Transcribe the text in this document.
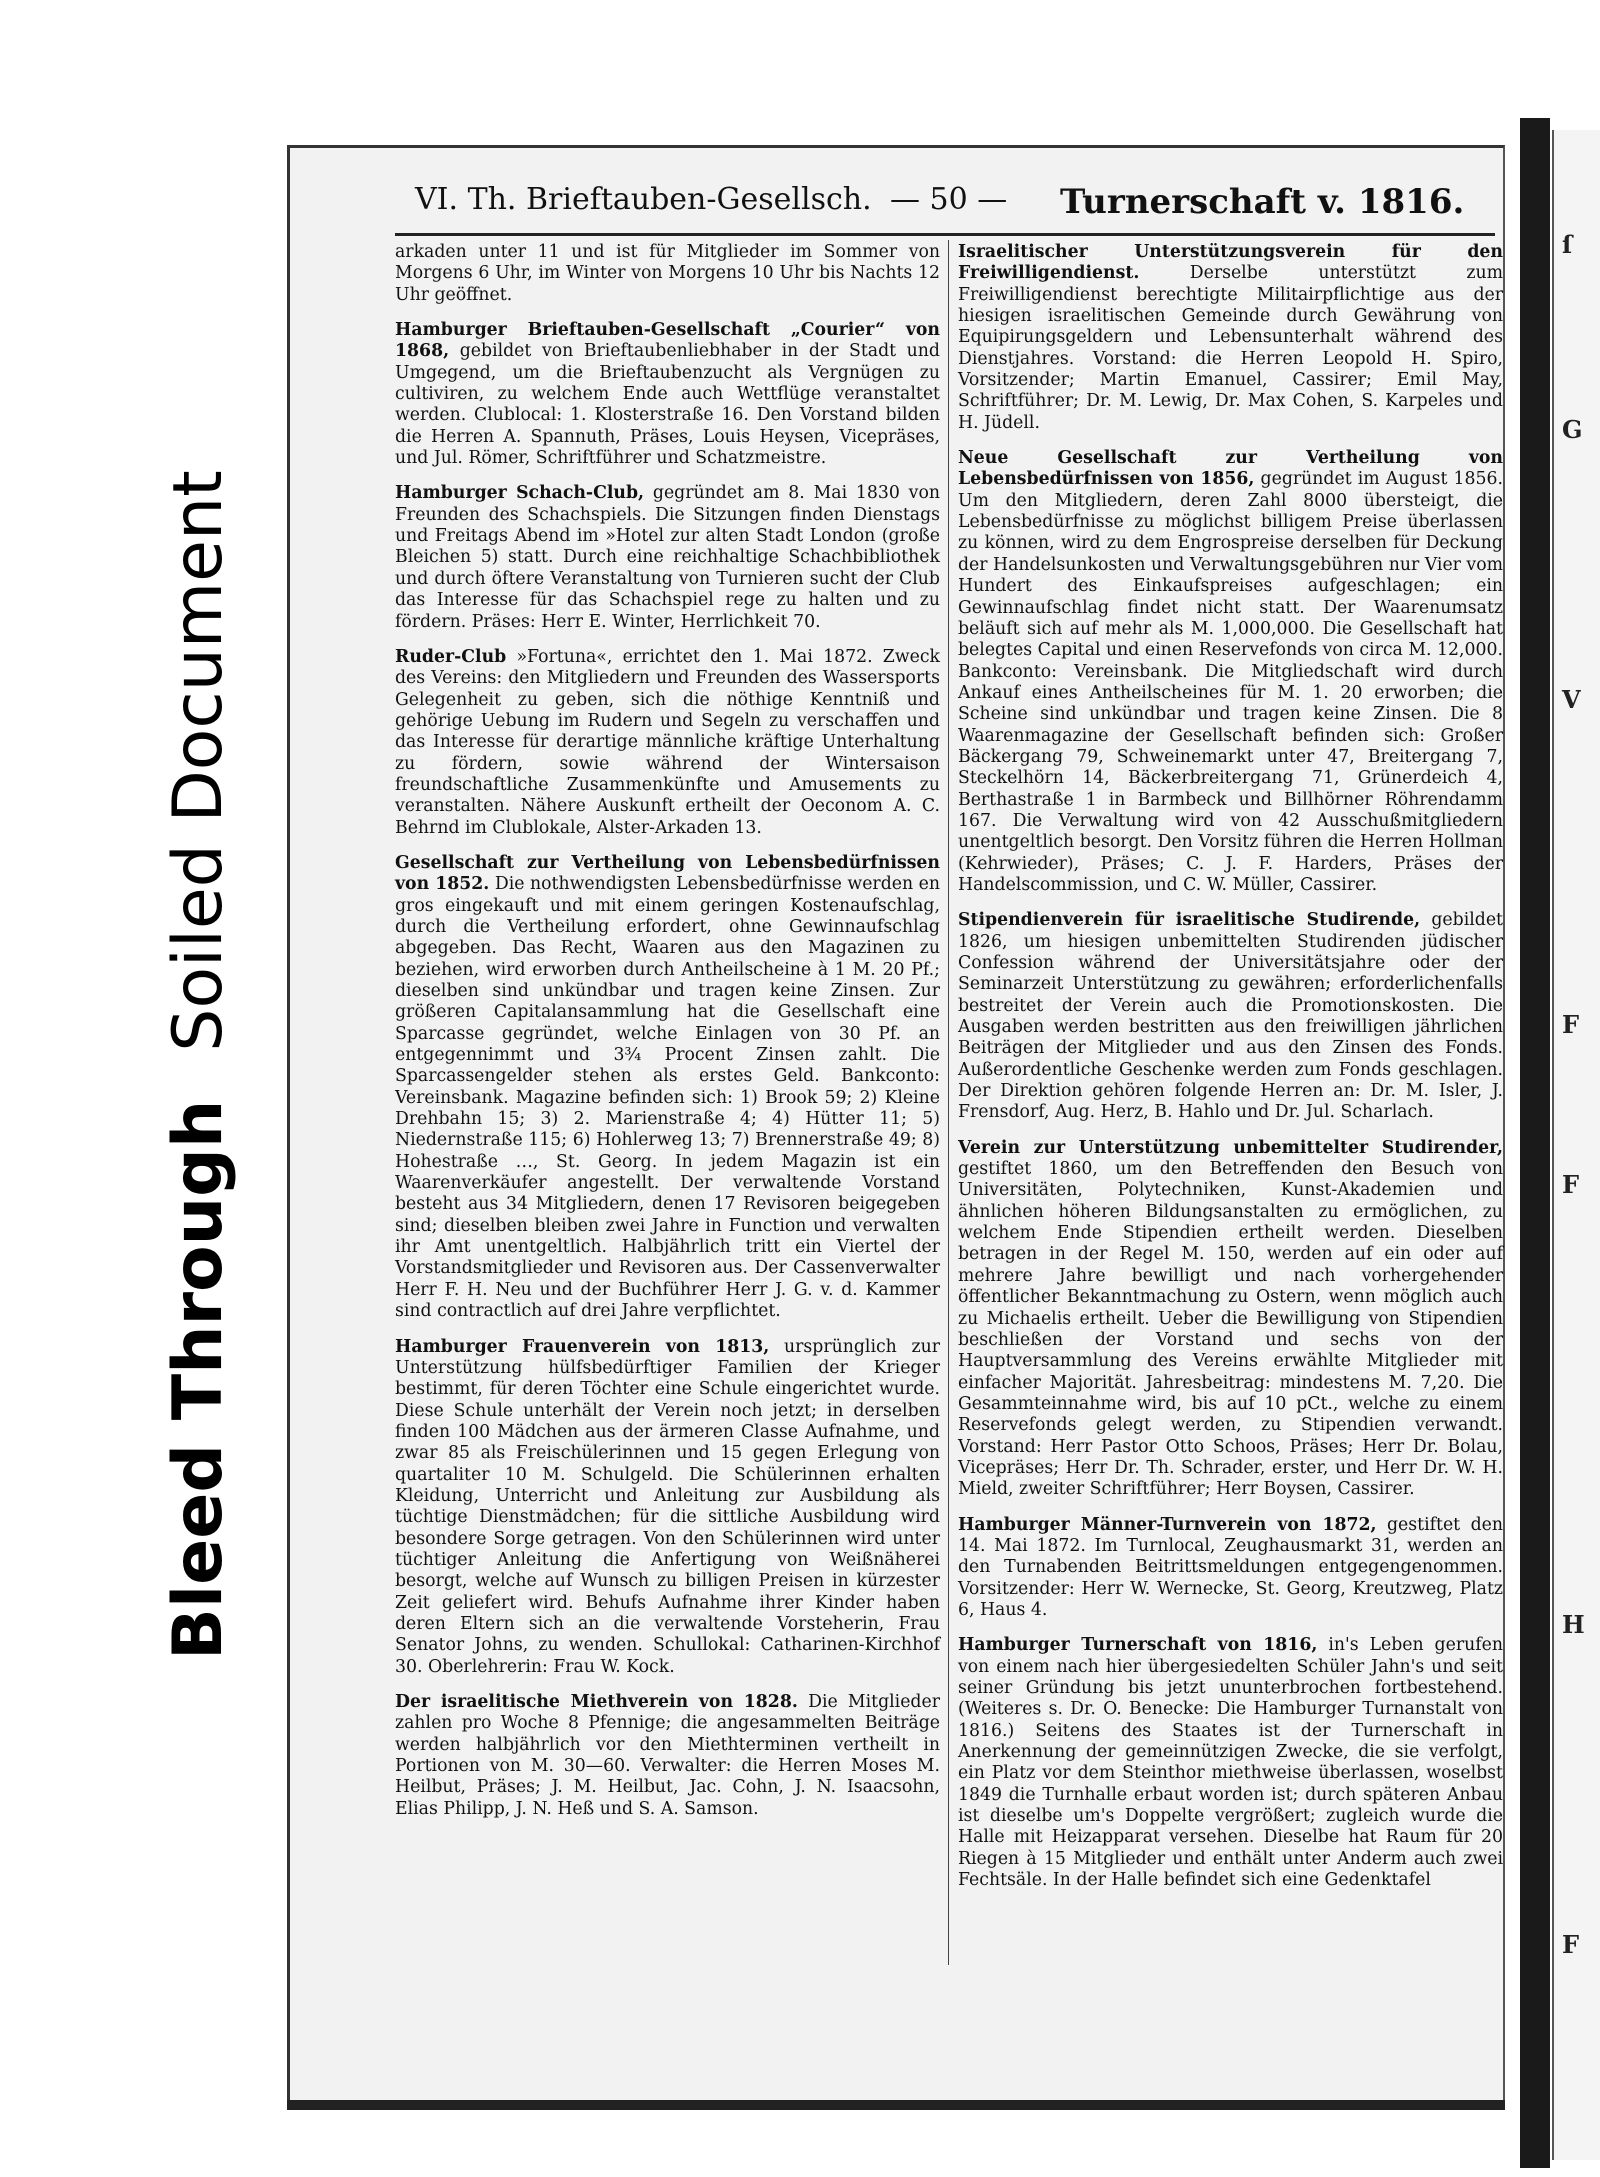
Bleed ThroughSoiled Document
ſ
G
V
F
F
H
F
VI. Th. Brieftauben-Gesellsch. — 50 — Turnerschaft v. 1816.

arkaden unter 11 und ist für Mitglieder im Sommer von Morgens 6 Uhr, im Winter von Morgens 10 Uhr bis Nachts 12 Uhr geöffnet.

Hamburger Brieftauben-Gesellschaft „Courier“ von 1868, gebildet von Brieftaubenliebhaber in der Stadt und Umgegend, um die Brieftaubenzucht als Vergnügen zu cultiviren, zu welchem Ende auch Wettflüge veranstaltet werden. Clublocal: 1. Klosterstraße 16. Den Vorstand bilden die Herren A. Spannuth, Präses, Louis Heysen, Vicepräses, und Jul. Römer, Schriftführer und Schatzmeistre.

Hamburger Schach-Club, gegründet am 8. Mai 1830 von Freunden des Schachspiels. Die Sitzungen finden Dienstags und Freitags Abend im »Hotel zur alten Stadt London (große Bleichen 5) statt. Durch eine reichhaltige Schachbibliothek und durch öftere Veranstaltung von Turnieren sucht der Club das Interesse für das Schachspiel rege zu halten und zu fördern. Präses: Herr E. Winter, Herrlichkeit 70.

Ruder-Club »Fortuna«, errichtet den 1. Mai 1872. Zweck des Vereins: den Mitgliedern und Freunden des Wassersports Gelegenheit zu geben, sich die nöthige Kenntniß und gehörige Uebung im Rudern und Segeln zu verschaffen und das Interesse für derartige männliche kräftige Unterhaltung zu fördern, sowie während der Wintersaison freundschaftliche Zusammenkünfte und Amusements zu veranstalten. Nähere Auskunft ertheilt der Oeconom A. C. Behrnd im Clublokale, Alster-Arkaden 13.

Gesellschaft zur Vertheilung von Lebensbedürfnissen von 1852. Die nothwendigsten Lebensbedürfnisse werden en gros eingekauft und mit einem geringen Kostenaufschlag, durch die Vertheilung erfordert, ohne Gewinnaufschlag abgegeben. Das Recht, Waaren aus den Magazinen zu beziehen, wird erworben durch Antheilscheine à 1 M. 20 Pf.; dieselben sind unkündbar und tragen keine Zinsen. Zur größeren Capitalansammlung hat die Gesellschaft eine Sparcasse gegründet, welche Einlagen von 30 Pf. an entgegennimmt und 3¾ Procent Zinsen zahlt. Die Sparcassengelder stehen als erstes Geld. Bankconto: Vereinsbank. Magazine befinden sich: 1) Brook 59; 2) Kleine Drehbahn 15; 3) 2. Marienstraße 4; 4) Hütter 11; 5) Niedernstraße 115; 6) Hohlerweg 13; 7) Brennerstraße 49; 8) Hohestraße …, St. Georg. In jedem Magazin ist ein Waarenverkäufer angestellt. Der verwaltende Vorstand besteht aus 34 Mitgliedern, denen 17 Revisoren beigegeben sind; dieselben bleiben zwei Jahre in Function und verwalten ihr Amt unentgeltlich. Halbjährlich tritt ein Viertel der Vorstandsmitglieder und Revisoren aus. Der Cassenverwalter Herr F. H. Neu und der Buchführer Herr J. G. v. d. Kammer sind contractlich auf drei Jahre verpflichtet.

Hamburger Frauenverein von 1813, ursprünglich zur Unterstützung hülfsbedürftiger Familien der Krieger bestimmt, für deren Töchter eine Schule eingerichtet wurde. Diese Schule unterhält der Verein noch jetzt; in derselben finden 100 Mädchen aus der ärmeren Classe Aufnahme, und zwar 85 als Freischülerinnen und 15 gegen Erlegung von quartaliter 10 M. Schulgeld. Die Schülerinnen erhalten Kleidung, Unterricht und Anleitung zur Ausbildung als tüchtige Dienstmädchen; für die sittliche Ausbildung wird besondere Sorge getragen. Von den Schülerinnen wird unter tüchtiger Anleitung die Anfertigung von Weißnäherei besorgt, welche auf Wunsch zu billigen Preisen in kürzester Zeit geliefert wird. Behufs Aufnahme ihrer Kinder haben deren Eltern sich an die verwaltende Vorsteherin, Frau Senator Johns, zu wenden. Schullokal: Catharinen-Kirchhof 30. Oberlehrerin: Frau W. Kock.

Der israelitische Miethverein von 1828. Die Mitglieder zahlen pro Woche 8 Pfennige; die angesammelten Beiträge werden halbjährlich vor den Miethterminen vertheilt in Portionen von M. 30—60. Verwalter: die Herren Moses M. Heilbut, Präses; J. M. Heilbut, Jac. Cohn, J. N. Isaacsohn, Elias Philipp, J. N. Heß und S. A. Samson.

Israelitischer Unterstützungsverein für den Freiwilligendienst.	Derselbe unterstützt zum Freiwilligendienst berechtigte Militairpflichtige aus der hiesigen israelitischen Gemeinde durch Gewährung von Equipirungsgeldern und Lebensunterhalt während des Dienstjahres. Vorstand: die Herren Leopold H. Spiro, Vorsitzender; Martin Emanuel, Cassirer; Emil May, Schriftführer; Dr. M. Lewig, Dr. Max Cohen, S. Karpeles und H. Jüdell.

Neue Gesellschaft zur Vertheilung von Lebensbedürfnissen von 1856, gegründet im August 1856. Um den Mitgliedern, deren Zahl 8000 übersteigt, die Lebensbedürfnisse zu möglichst billigem Preise überlassen zu können, wird zu dem Engrospreise derselben für Deckung der Handelsunkosten und Verwaltungsgebühren nur Vier vom Hundert des Einkaufspreises aufgeschlagen; ein Gewinnaufschlag findet nicht statt. Der Waarenumsatz beläuft sich auf mehr als M. 1,000,000. Die Gesellschaft hat belegtes Capital und einen Reservefonds von circa M. 12,000. Bankconto: Vereinsbank. Die Mitgliedschaft wird durch Ankauf eines Antheilscheines für M. 1. 20 erworben; die Scheine sind unkündbar und tragen keine Zinsen. Die 8 Waarenmagazine der Gesellschaft befinden sich: Großer Bäckergang 79, Schweinemarkt unter 47, Breitergang 7, Steckelhörn 14, Bäckerbreitergang 71, Grünerdeich 4, Berthastraße 1 in Barmbeck und Billhörner Röhrendamm 167. Die Verwaltung wird von 42 Ausschußmitgliedern unentgeltlich besorgt. Den Vorsitz führen die Herren Hollman (Kehrwieder), Präses; C. J. F. Harders, Präses der Handelscommission, und C. W. Müller, Cassirer.

Stipendienverein für israelitische Studirende, gebildet 1826, um hiesigen unbemittelten Studirenden jüdischer Confession während der Universitätsjahre oder der Seminarzeit Unterstützung zu gewähren; erforderlichenfalls bestreitet der Verein auch die Promotionskosten. Die Ausgaben werden bestritten aus den freiwilligen jährlichen Beiträgen der Mitglieder und aus den Zinsen des Fonds. Außerordentliche Geschenke werden zum Fonds geschlagen. Der Direktion gehören folgende Herren an: Dr. M. Isler, J. Frensdorf, Aug. Herz, B. Hahlo und Dr. Jul. Scharlach.

Verein zur Unterstützung unbemittelter Studirender, gestiftet 1860, um den Betreffenden den Besuch von Universitäten, Polytechniken, Kunst-Akademien und ähnlichen höheren Bildungsanstalten zu ermöglichen, zu welchem Ende Stipendien ertheilt werden. Dieselben betragen in der Regel M. 150, werden auf ein oder auf mehrere Jahre bewilligt und nach vorhergehender öffentlicher Bekanntmachung zu Ostern, wenn möglich auch zu Michaelis ertheilt. Ueber die Bewilligung von Stipendien beschließen der Vorstand und sechs von der Hauptversammlung des Vereins erwählte Mitglieder mit einfacher Majorität. Jahresbeitrag: mindestens M. 7,20. Die Gesammteinnahme wird, bis auf 10 pCt., welche zu einem Reservefonds gelegt werden, zu Stipendien verwandt. Vorstand: Herr Pastor Otto Schoos, Präses; Herr Dr. Bolau, Vicepräses; Herr Dr. Th. Schrader, erster, und Herr Dr. W. H. Mield, zweiter Schriftführer; Herr Boysen, Cassirer.

Hamburger Männer-Turnverein von 1872, gestiftet den 14. Mai 1872. Im Turnlocal, Zeughausmarkt 31, werden an den Turnabenden Beitrittsmeldungen entgegengenommen. Vorsitzender: Herr W. Wernecke, St. Georg, Kreutzweg, Platz 6, Haus 4.

Hamburger Turnerschaft von 1816, in's Leben gerufen von einem nach hier übergesiedelten Schüler Jahn's und seit seiner Gründung bis jetzt ununterbrochen fortbestehend. (Weiteres s. Dr. O. Benecke: Die Hamburger Turnanstalt von 1816.) Seitens des Staates ist der Turnerschaft in Anerkennung der gemeinnützigen Zwecke, die sie verfolgt, ein Platz vor dem Steinthor miethweise überlassen, woselbst 1849 die Turnhalle erbaut worden ist; durch späteren Anbau ist dieselbe um's Doppelte vergrößert; zugleich wurde die Halle mit Heizapparat versehen. Dieselbe hat Raum für 20 Riegen à 15 Mitglieder und enthält unter Anderm auch zwei Fechtsäle. In der Halle befindet sich eine Gedenktafel
